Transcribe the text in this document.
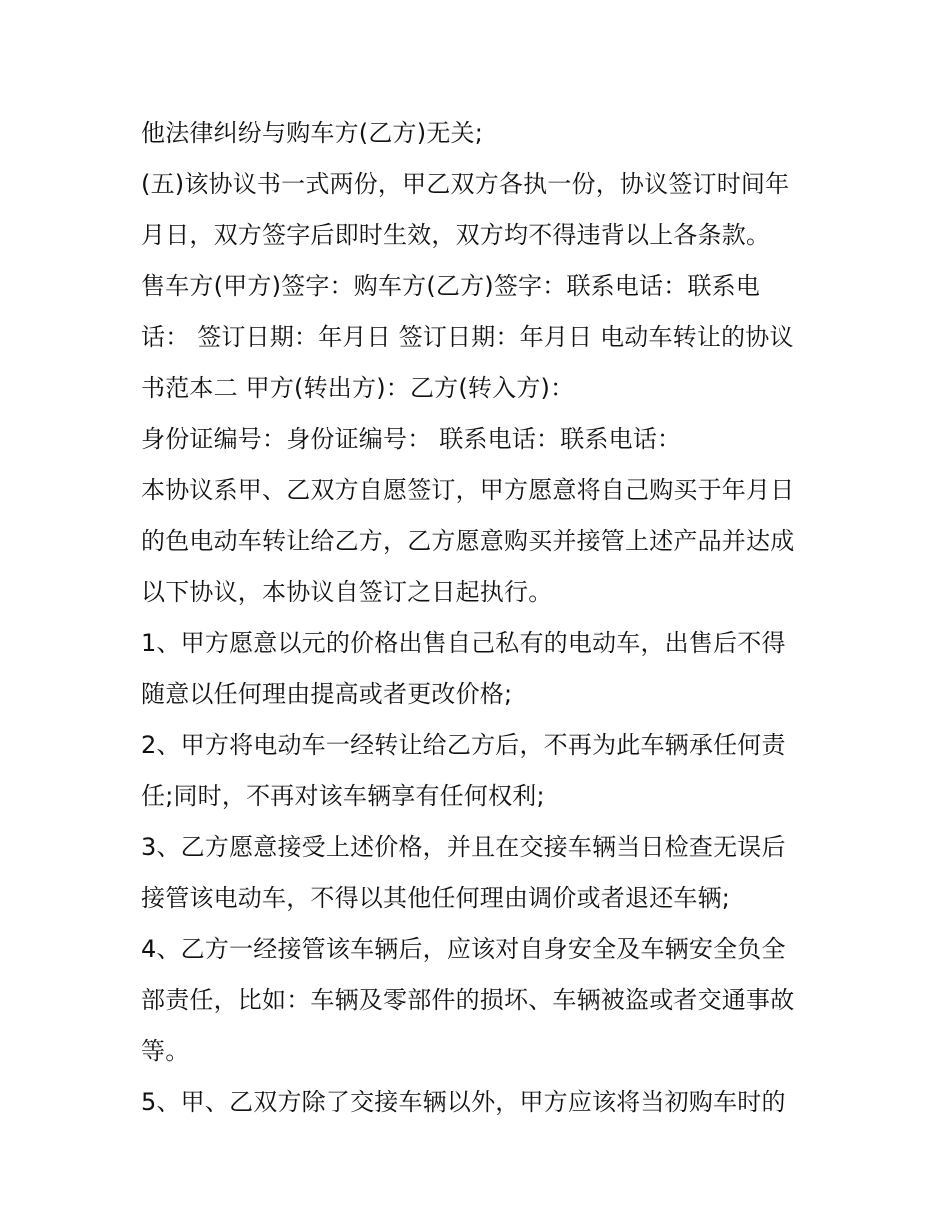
他法律纠纷与购车方(乙方)无关;
(五)该协议书一式两份，甲乙双方各执一份，协议签订时间年
月日，双方签字后即时生效，双方均不得违背以上各条款。
售车方(甲方)签字：购车方(乙方)签字：联系电话：联系电
话： 签订日期：年月日 签订日期：年月日 电动车转让的协议
书范本二 甲方(转出方)：乙方(转入方)：
身份证编号：身份证编号： 联系电话：联系电话：
本协议系甲、乙双方自愿签订，甲方愿意将自己购买于年月日
的色电动车转让给乙方，乙方愿意购买并接管上述产品并达成
以下协议，本协议自签订之日起执行。
1、甲方愿意以元的价格出售自己私有的电动车，出售后不得
随意以任何理由提高或者更改价格;
2、甲方将电动车一经转让给乙方后，不再为此车辆承任何责
任;同时，不再对该车辆享有任何权利;
3、乙方愿意接受上述价格，并且在交接车辆当日检查无误后
接管该电动车，不得以其他任何理由调价或者退还车辆;
4、乙方一经接管该车辆后，应该对自身安全及车辆安全负全
部责任，比如：车辆及零部件的损坏、车辆被盗或者交通事故
等。
5、甲、乙双方除了交接车辆以外，甲方应该将当初购车时的
